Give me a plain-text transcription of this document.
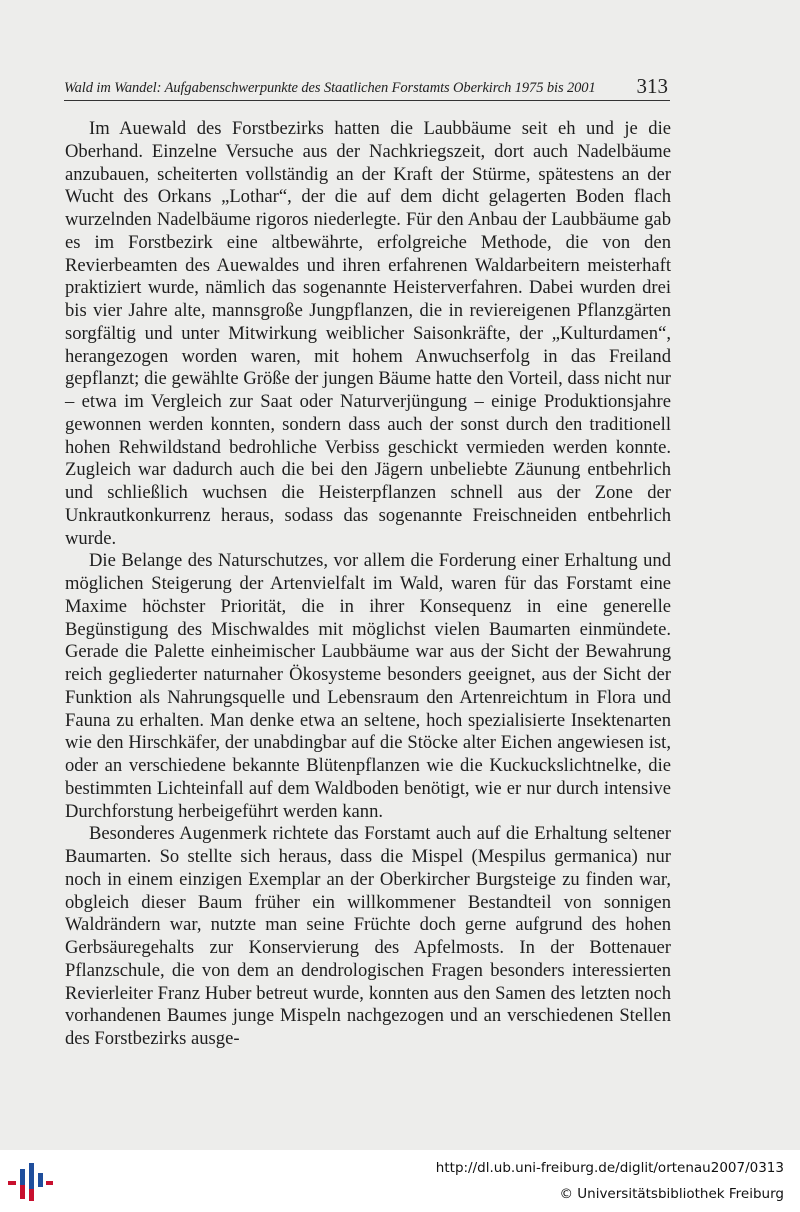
Wald im Wandel: Aufgabenschwerpunkte des Staatlichen Forstamts Oberkirch 1975 bis 2001 313

Im Auewald des Forstbezirks hatten die Laubbäume seit eh und je die Oberhand. Einzelne Versuche aus der Nachkriegszeit, dort auch Nadelbäume anzubauen, scheiterten vollständig an der Kraft der Stürme, spätestens an der Wucht des Orkans „Lothar“, der die auf dem dicht gelagerten Boden flach wurzelnden Nadelbäume rigoros niederlegte. Für den Anbau der Laubbäume gab es im Forstbezirk eine altbewährte, erfolgreiche Methode, die von den Revierbeamten des Auewaldes und ihren erfahrenen Waldarbeitern meisterhaft praktiziert wurde, nämlich das sogenannte Heisterverfahren. Dabei wurden drei bis vier Jahre alte, mannsgroße Jungpflanzen, die in reviereigenen Pflanzgärten sorgfältig und unter Mitwirkung weiblicher Saisonkräfte, der „Kulturdamen“, herangezogen worden waren, mit hohem Anwuchserfolg in das Freiland gepflanzt; die gewählte Größe der jungen Bäume hatte den Vorteil, dass nicht nur – etwa im Vergleich zur Saat oder Naturverjüngung – einige Produktionsjahre gewonnen werden konnten, sondern dass auch der sonst durch den traditionell hohen Rehwildstand bedrohliche Verbiss geschickt vermieden werden konnte. Zugleich war dadurch auch die bei den Jägern unbeliebte Zäunung entbehrlich und schließlich wuchsen die Heisterpflanzen schnell aus der Zone der Unkrautkonkurrenz heraus, sodass das sogenannte Freischneiden entbehrlich wurde.

Die Belange des Naturschutzes, vor allem die Forderung einer Erhaltung und möglichen Steigerung der Artenvielfalt im Wald, waren für das Forstamt eine Maxime höchster Priorität, die in ihrer Konsequenz in eine generelle Begünstigung des Mischwaldes mit möglichst vielen Baumarten einmündete. Gerade die Palette einheimischer Laubbäume war aus der Sicht der Bewahrung reich gegliederter naturnaher Ökosysteme besonders geeignet, aus der Sicht der Funktion als Nahrungsquelle und Lebensraum den Artenreichtum in Flora und Fauna zu erhalten. Man denke etwa an seltene, hoch spezialisierte Insektenarten wie den Hirschkäfer, der unabdingbar auf die Stöcke alter Eichen angewiesen ist, oder an verschiedene bekannte Blütenpflanzen wie die Kuckuckslichtnelke, die bestimmten Lichteinfall auf dem Waldboden benötigt, wie er nur durch intensive Durchforstung herbeigeführt werden kann.

Besonderes Augenmerk richtete das Forstamt auch auf die Erhaltung seltener Baumarten. So stellte sich heraus, dass die Mispel (Mespilus germanica) nur noch in einem einzigen Exemplar an der Oberkircher Burgsteige zu finden war, obgleich dieser Baum früher ein willkommener Bestandteil von sonnigen Waldrändern war, nutzte man seine Früchte doch gerne aufgrund des hohen Gerbsäuregehalts zur Konservierung des Apfelmosts. In der Bottenauer Pflanzschule, die von dem an dendrologischen Fragen besonders interessierten Revierleiter Franz Huber betreut wurde, konnten aus den Samen des letzten noch vorhandenen Baumes junge Mispeln nachgezogen und an verschiedenen Stellen des Forstbezirks ausge-

http://dl.ub.uni-freiburg.de/diglit/ortenau2007/0313
© Universitätsbibliothek Freiburg
